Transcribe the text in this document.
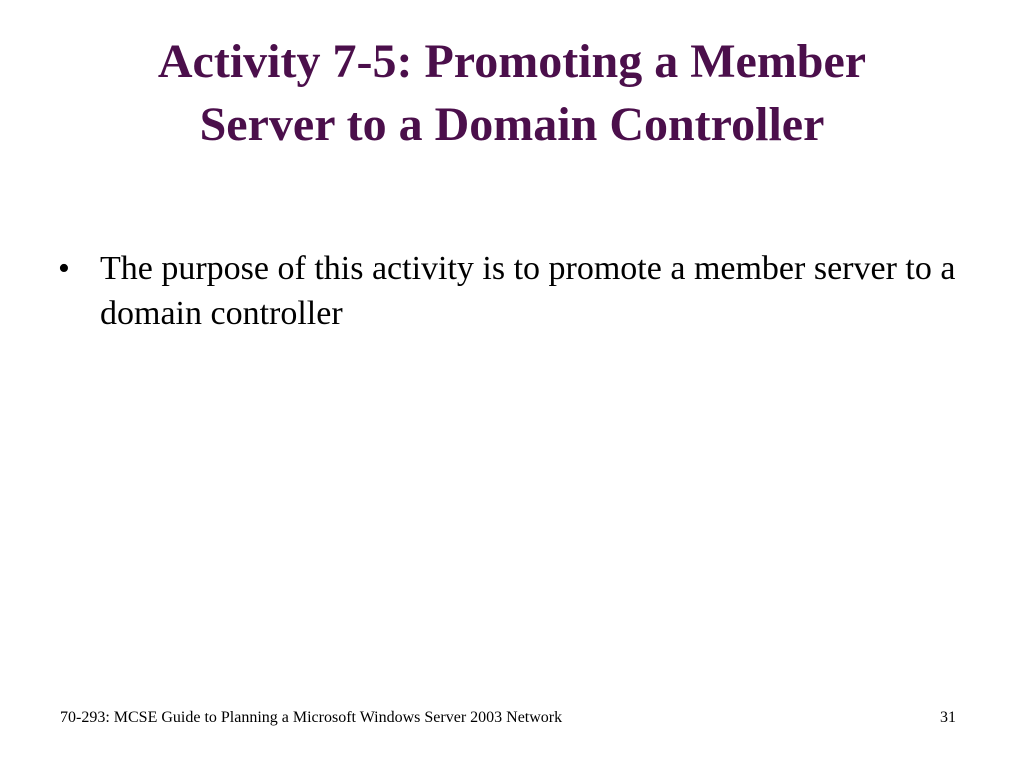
Activity 7-5: Promoting a Member
Server to a Domain Controller
• The purpose of this activity is to promote a member server to a domain controller
70-293: MCSE Guide to Planning a Microsoft Windows Server 2003 Network	31
